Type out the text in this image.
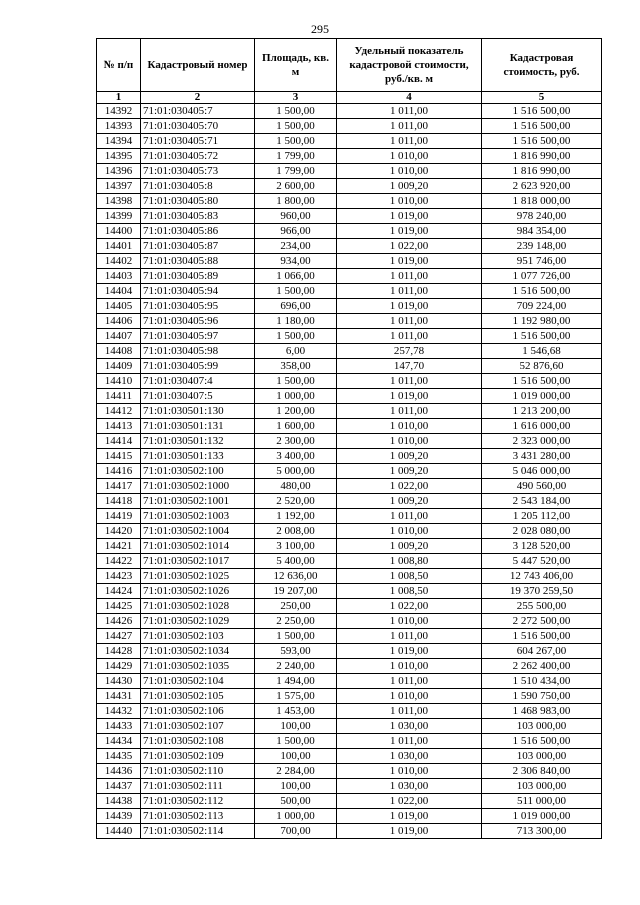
295
№ п/п	Кадастровый номер	Площадь, кв. м	Удельный показатель кадастровой стоимости, руб./кв. м	Кадастровая стоимость, руб.
1	2	3	4	5
14392	71:01:030405:7	1 500,00	1 011,00	1 516 500,00
14393	71:01:030405:70	1 500,00	1 011,00	1 516 500,00
14394	71:01:030405:71	1 500,00	1 011,00	1 516 500,00
14395	71:01:030405:72	1 799,00	1 010,00	1 816 990,00
14396	71:01:030405:73	1 799,00	1 010,00	1 816 990,00
14397	71:01:030405:8	2 600,00	1 009,20	2 623 920,00
14398	71:01:030405:80	1 800,00	1 010,00	1 818 000,00
14399	71:01:030405:83	960,00	1 019,00	978 240,00
14400	71:01:030405:86	966,00	1 019,00	984 354,00
14401	71:01:030405:87	234,00	1 022,00	239 148,00
14402	71:01:030405:88	934,00	1 019,00	951 746,00
14403	71:01:030405:89	1 066,00	1 011,00	1 077 726,00
14404	71:01:030405:94	1 500,00	1 011,00	1 516 500,00
14405	71:01:030405:95	696,00	1 019,00	709 224,00
14406	71:01:030405:96	1 180,00	1 011,00	1 192 980,00
14407	71:01:030405:97	1 500,00	1 011,00	1 516 500,00
14408	71:01:030405:98	6,00	257,78	1 546,68
14409	71:01:030405:99	358,00	147,70	52 876,60
14410	71:01:030407:4	1 500,00	1 011,00	1 516 500,00
14411	71:01:030407:5	1 000,00	1 019,00	1 019 000,00
14412	71:01:030501:130	1 200,00	1 011,00	1 213 200,00
14413	71:01:030501:131	1 600,00	1 010,00	1 616 000,00
14414	71:01:030501:132	2 300,00	1 010,00	2 323 000,00
14415	71:01:030501:133	3 400,00	1 009,20	3 431 280,00
14416	71:01:030502:100	5 000,00	1 009,20	5 046 000,00
14417	71:01:030502:1000	480,00	1 022,00	490 560,00
14418	71:01:030502:1001	2 520,00	1 009,20	2 543 184,00
14419	71:01:030502:1003	1 192,00	1 011,00	1 205 112,00
14420	71:01:030502:1004	2 008,00	1 010,00	2 028 080,00
14421	71:01:030502:1014	3 100,00	1 009,20	3 128 520,00
14422	71:01:030502:1017	5 400,00	1 008,80	5 447 520,00
14423	71:01:030502:1025	12 636,00	1 008,50	12 743 406,00
14424	71:01:030502:1026	19 207,00	1 008,50	19 370 259,50
14425	71:01:030502:1028	250,00	1 022,00	255 500,00
14426	71:01:030502:1029	2 250,00	1 010,00	2 272 500,00
14427	71:01:030502:103	1 500,00	1 011,00	1 516 500,00
14428	71:01:030502:1034	593,00	1 019,00	604 267,00
14429	71:01:030502:1035	2 240,00	1 010,00	2 262 400,00
14430	71:01:030502:104	1 494,00	1 011,00	1 510 434,00
14431	71:01:030502:105	1 575,00	1 010,00	1 590 750,00
14432	71:01:030502:106	1 453,00	1 011,00	1 468 983,00
14433	71:01:030502:107	100,00	1 030,00	103 000,00
14434	71:01:030502:108	1 500,00	1 011,00	1 516 500,00
14435	71:01:030502:109	100,00	1 030,00	103 000,00
14436	71:01:030502:110	2 284,00	1 010,00	2 306 840,00
14437	71:01:030502:111	100,00	1 030,00	103 000,00
14438	71:01:030502:112	500,00	1 022,00	511 000,00
14439	71:01:030502:113	1 000,00	1 019,00	1 019 000,00
14440	71:01:030502:114	700,00	1 019,00	713 300,00
